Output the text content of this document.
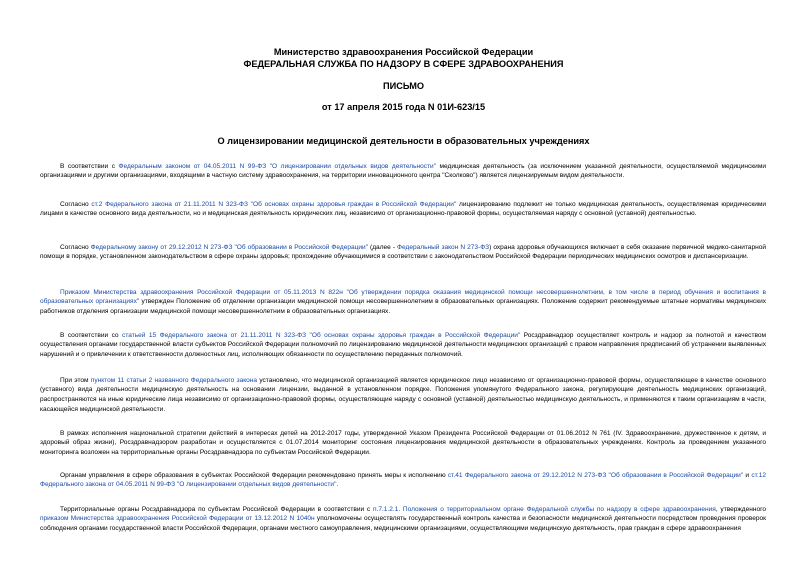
Министерство здравоохранения Российской Федерации
ФЕДЕРАЛЬНАЯ СЛУЖБА ПО НАДЗОРУ В СФЕРЕ ЗДРАВООХРАНЕНИЯ
ПИСЬМО
от 17 апреля 2015 года N 01И-623/15
О лицензировании медицинской деятельности в образовательных учреждениях

В соответствии с Федеральным законом от 04.05.2011 N 99-ФЗ "О лицензировании отдельных видов деятельности" медицинская деятельность (за исключением указанной деятельности, осуществляемой медицинскими организациями и другими организациями, входящими в частную систему здравоохранения, на территории инновационного центра "Сколково") является лицензируемым видом деятельности.

Согласно ст.2 Федерального закона от 21.11.2011 N 323-ФЗ "Об основах охраны здоровья граждан в Российской Федерации" лицензированию подлежит не только медицинская деятельность, осуществляемая юридическими лицами в качестве основного вида деятельности, но и медицинская деятельность юридических лиц, независимо от организационно-правовой формы, осуществляемая наряду с основной (уставной) деятельностью.

Согласно Федеральному закону от 29.12.2012 N 273-ФЗ "Об образовании в Российской Федерации" (далее - Федеральный закон N 273-ФЗ) охрана здоровья обучающихся включает в себя оказание первичной медико-санитарной помощи в порядке, установленном законодательством в сфере охраны здоровья; прохождение обучающимися в соответствии с законодательством Российской Федерации периодических медицинских осмотров и диспансеризации.

Приказом Министерства здравоохранения Российской Федерации от 05.11.2013 N 822н "Об утверждении порядка оказания медицинской помощи несовершеннолетним, в том числе в период обучения и воспитания в образовательных организациях" утвержден Положение об отделении организации медицинской помощи несовершеннолетним в образовательных организациях. Положение содержит рекомендуемые штатные нормативы медицинских работников отделения организации медицинской помощи несовершеннолетним в образовательных организациях.

В соответствии со статьей 15 Федерального закона от 21.11.2011 N 323-ФЗ "Об основах охраны здоровья граждан в Российской Федерации" Росздравнадзор осуществляет контроль и надзор за полнотой и качеством осуществления органами государственной власти субъектов Российской Федерации полномочий по лицензированию медицинской деятельности медицинских организаций с правом направления предписаний об устранении выявленных нарушений и о привлечении к ответственности должностных лиц, исполняющих обязанности по осуществлению переданных полномочий.

При этом пунктом 11 статьи 2 названного Федерального закона установлено, что медицинской организацией является юридическое лицо независимо от организационно-правовой формы, осуществляющее в качестве основного (уставного) вида деятельности медицинскую деятельность на основании лицензии, выданной в установленном порядке. Положения упомянутого Федерального закона, регулирующие деятельность медицинских организаций, распространяются на иные юридические лица независимо от организационно-правовой формы, осуществляющие наряду с основной (уставной) деятельностью медицинскую деятельность, и применяются к таким организациям в части, касающейся медицинской деятельности.

В рамках исполнения национальной стратегии действий в интересах детей на 2012-2017 годы, утвержденной Указом Президента Российской Федерации от 01.06.2012 N 761 (IV. Здравоохранение, дружественное к детям, и здоровый образ жизни), Росздравнадзором разработан и осуществляется с 01.07.2014 мониторинг состояния лицензирования медицинской деятельности в образовательных учреждениях. Контроль за проведением указанного мониторинга возложен на территориальные органы Росздравнадзора по субъектам Российской Федерации.

Органам управления в сфере образования в субъектах Российской Федерации рекомендовано принять меры к исполнению ст.41 Федерального закона от 29.12.2012 N 273-ФЗ "Об образовании в Российской Федерации" и ст.12 Федерального закона от 04.05.2011 N 99-ФЗ "О лицензировании отдельных видов деятельности".

Территориальные органы Росздравнадзора по субъектам Российской Федерации в соответствии с п.7.1.2.1. Положения о территориальном органе Федеральной службы по надзору в сфере здравоохранения, утвержденного приказом Министерства здравоохранения Российской Федерации от 13.12.2012 N 1040н уполномочены осуществлять государственный контроль качества и безопасности медицинской деятельности посредством проведения проверок соблюдения органами государственной власти Российской Федерации, органами местного самоуправления, медицинскими организациями, осуществляющими медицинскую деятельность, прав граждан в сфере здравоохранения
